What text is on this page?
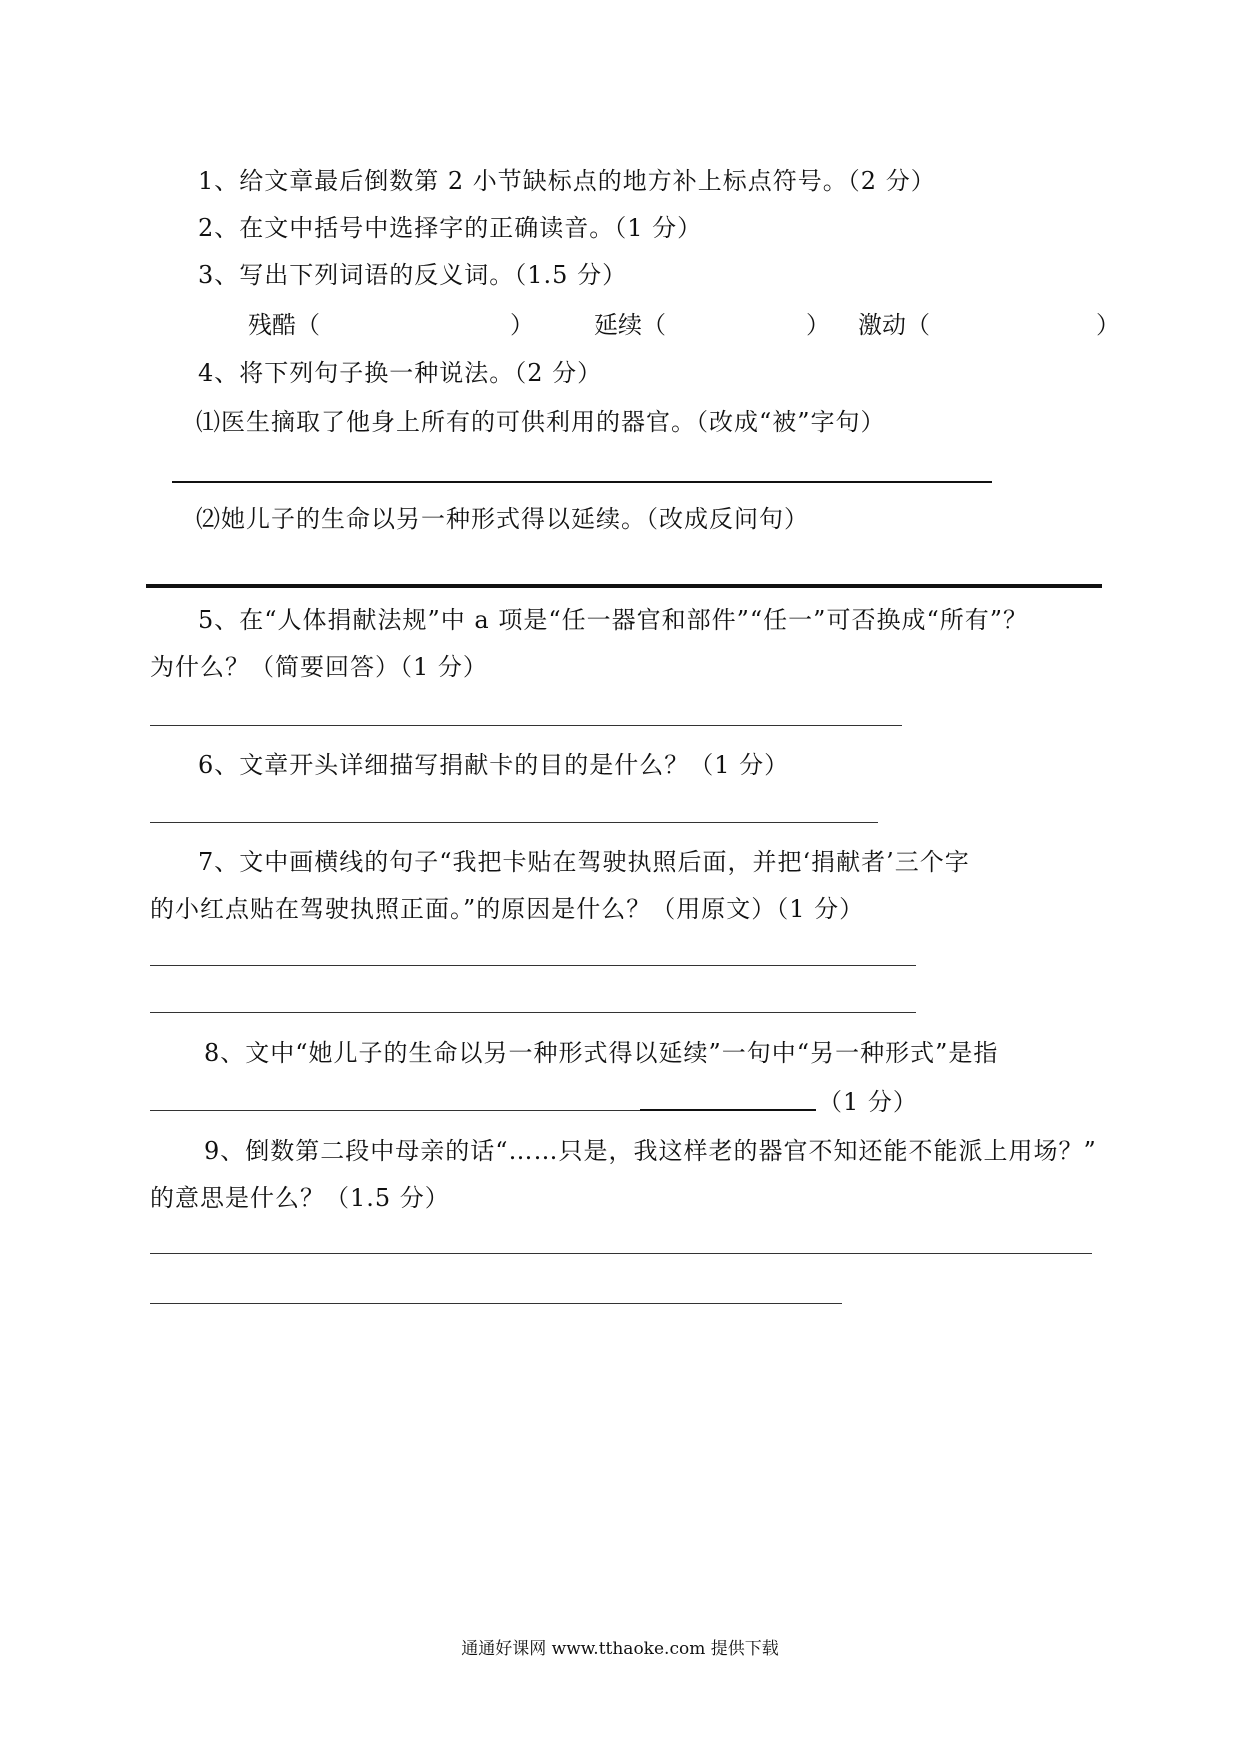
1、给文章最后倒数第 2 小节缺标点的地方补上标点符号。（2 分）
2、在文中括号中选择字的正确读音。（1 分）
3、写出下列词语的反义词。（1.5 分）
残酷（	）	延续（	） 激动（	）
4、将下列句子换一种说法。（2 分）
⑴医生摘取了他身上所有的可供利用的器官。（改成“被”字句）
⑵她儿子的生命以另一种形式得以延续。（改成反问句）
5、在“人体捐献法规”中 a 项是“任一器官和部件”“任一”可否换成“所有”？
为什么？（简要回答）（1 分）
6、文章开头详细描写捐献卡的目的是什么？（1 分）
7、文中画横线的句子“我把卡贴在驾驶执照后面，并把‘捐献者’三个字
的小红点贴在驾驶执照正面。”的原因是什么？（用原文）（1 分）
8、文中“她儿子的生命以另一种形式得以延续”一句中“另一种形式”是指
（1 分）
9、倒数第二段中母亲的话“……只是，我这样老的器官不知还能不能派上用场？”
的意思是什么？（1.5 分）
通通好课网 www.tthaoke.com 提供下载
